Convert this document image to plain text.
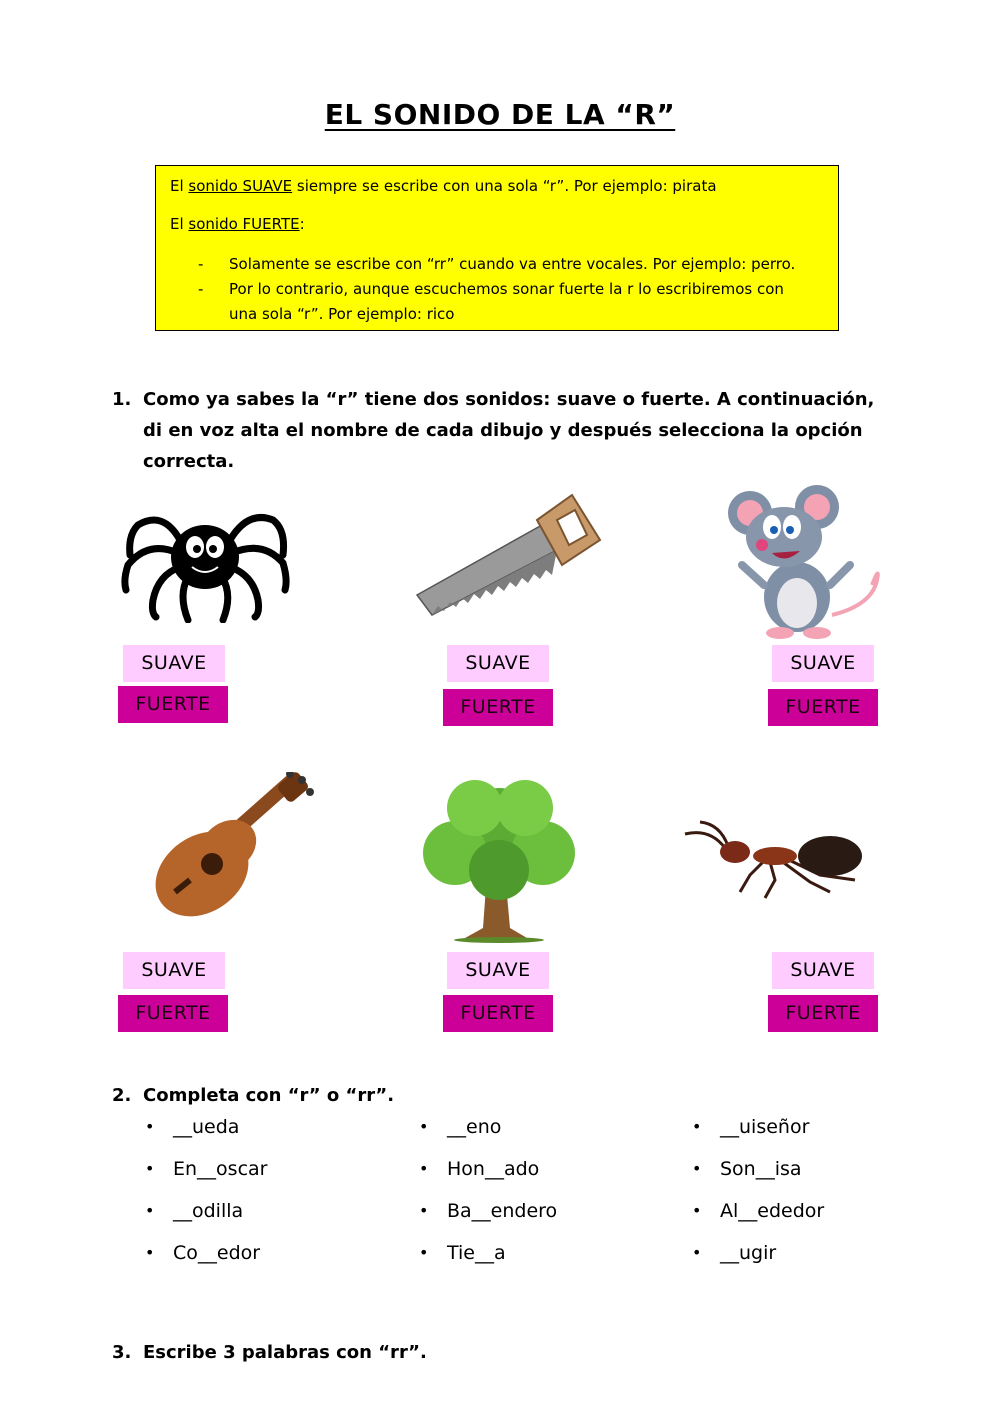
EL SONIDO DE LA “R”
El sonido SUAVE siempre se escribe con una sola “r”. Por ejemplo: pirata
El sonido FUERTE:
- Solamente se escribe con “rr” cuando va entre vocales. Por ejemplo: perro.
- Por lo contrario, aunque escuchemos sonar fuerte la r lo escribiremos con una sola “r”. Por ejemplo: rico
1. Como ya sabes la “r” tiene dos sonidos: suave o fuerte. A continuación, di en voz alta el nombre de cada dibujo y después selecciona la opción correcta.
SUAVE
FUERTE
SUAVE
FUERTE
SUAVE
FUERTE
SUAVE
FUERTE
SUAVE
FUERTE
SUAVE
FUERTE
2. Completa con “r” o “rr”.
• __ueda
• En__oscar
• __odilla
• Co__edor
• __eno
• Hon__ado
• Ba__endero
• Tie__a
• __uiseñor
• Son__isa
• Al__ededor
• __ugir
3. Escribe 3 palabras con “rr”.
